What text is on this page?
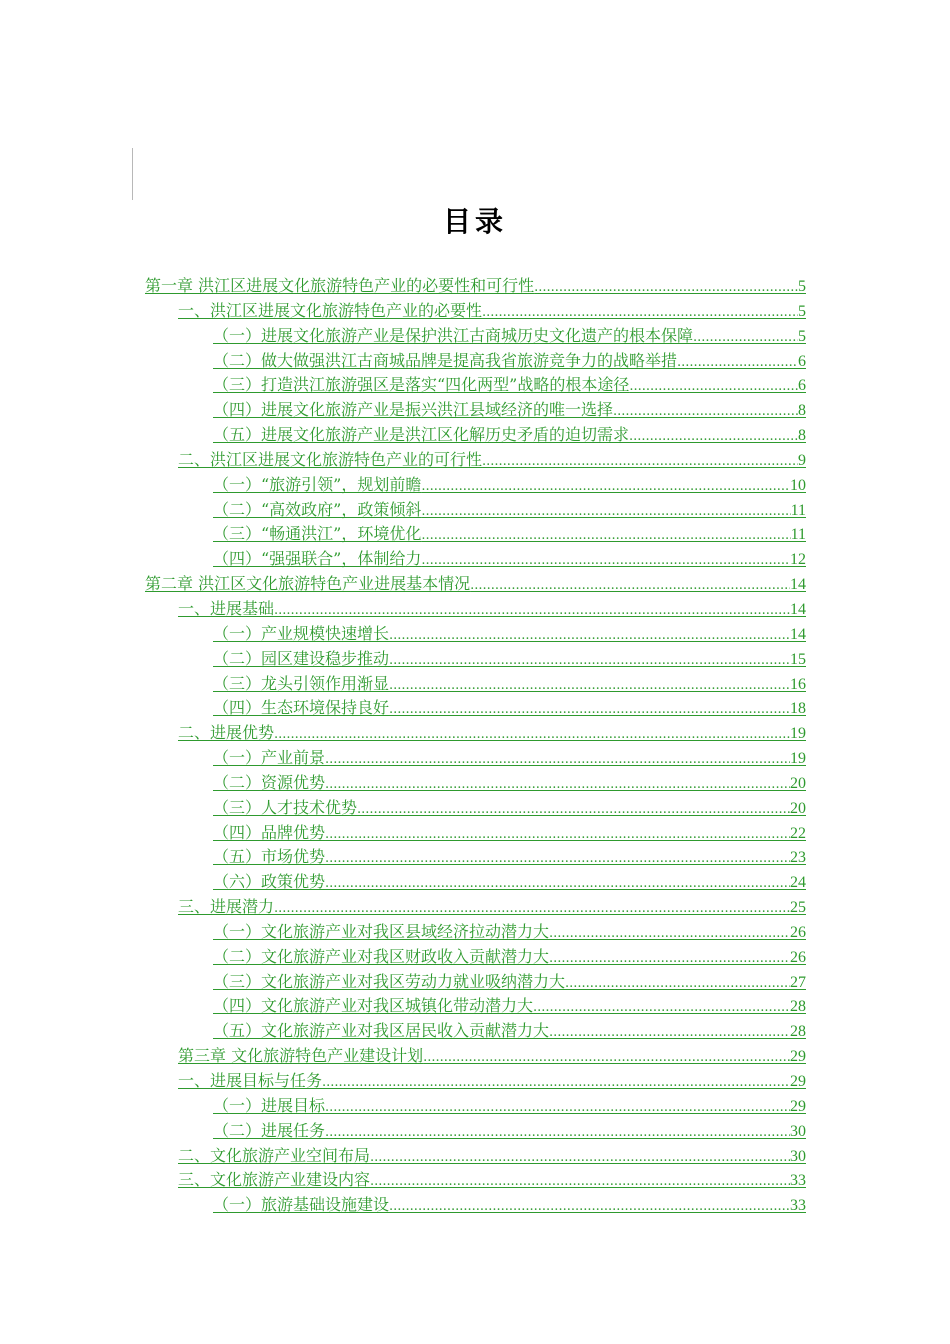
目录
第一章 洪江区进展文化旅游特色产业的必要性和可行性 .....	5
一、洪江区进展文化旅游特色产业的必要性 .....	5
（一）进展文化旅游产业是保护洪江古商城历史文化遗产的根本保障 .....	5
（二）做大做强洪江古商城品牌是提高我省旅游竞争力的战略举措 .....	6
（三）打造洪江旅游强区是落实“四化两型”战略的根本途径 .....	6
（四）进展文化旅游产业是振兴洪江县域经济的唯一选择 .....	8
（五）进展文化旅游产业是洪江区化解历史矛盾的迫切需求 .....	8
二、洪江区进展文化旅游特色产业的可行性 .....	9
（一）“旅游引领”，规划前瞻 .....	10
（二）“高效政府”，政策倾斜 .....	11
（三）“畅通洪江”，环境优化 .....	11
（四）“强强联合”，体制给力 .....	12
第二章 洪江区文化旅游特色产业进展基本情况 .....	14
一、进展基础 .....	14
（一）产业规模快速增长 .....	14
（二）园区建设稳步推动 .....	15
（三）龙头引领作用渐显 .....	16
（四）生态环境保持良好 .....	18
二、进展优势 .....	19
（一）产业前景 .....	19
（二）资源优势 .....	20
（三）人才技术优势 .....	20
（四）品牌优势 .....	22
（五）市场优势 .....	23
（六）政策优势 .....	24
三、进展潜力 .....	25
（一）文化旅游产业对我区县域经济拉动潜力大 .....	26
（二）文化旅游产业对我区财政收入贡献潜力大 .....	26
（三）文化旅游产业对我区劳动力就业吸纳潜力大 .....	27
（四）文化旅游产业对我区城镇化带动潜力大 .....	28
（五）文化旅游产业对我区居民收入贡献潜力大 .....	28
第三章 文化旅游特色产业建设计划 .....	29
一、进展目标与任务 .....	29
（一）进展目标 .....	29
（二）进展任务 .....	30
二、文化旅游产业空间布局 .....	30
三、文化旅游产业建设内容 .....	33
（一）旅游基础设施建设 .....	33
